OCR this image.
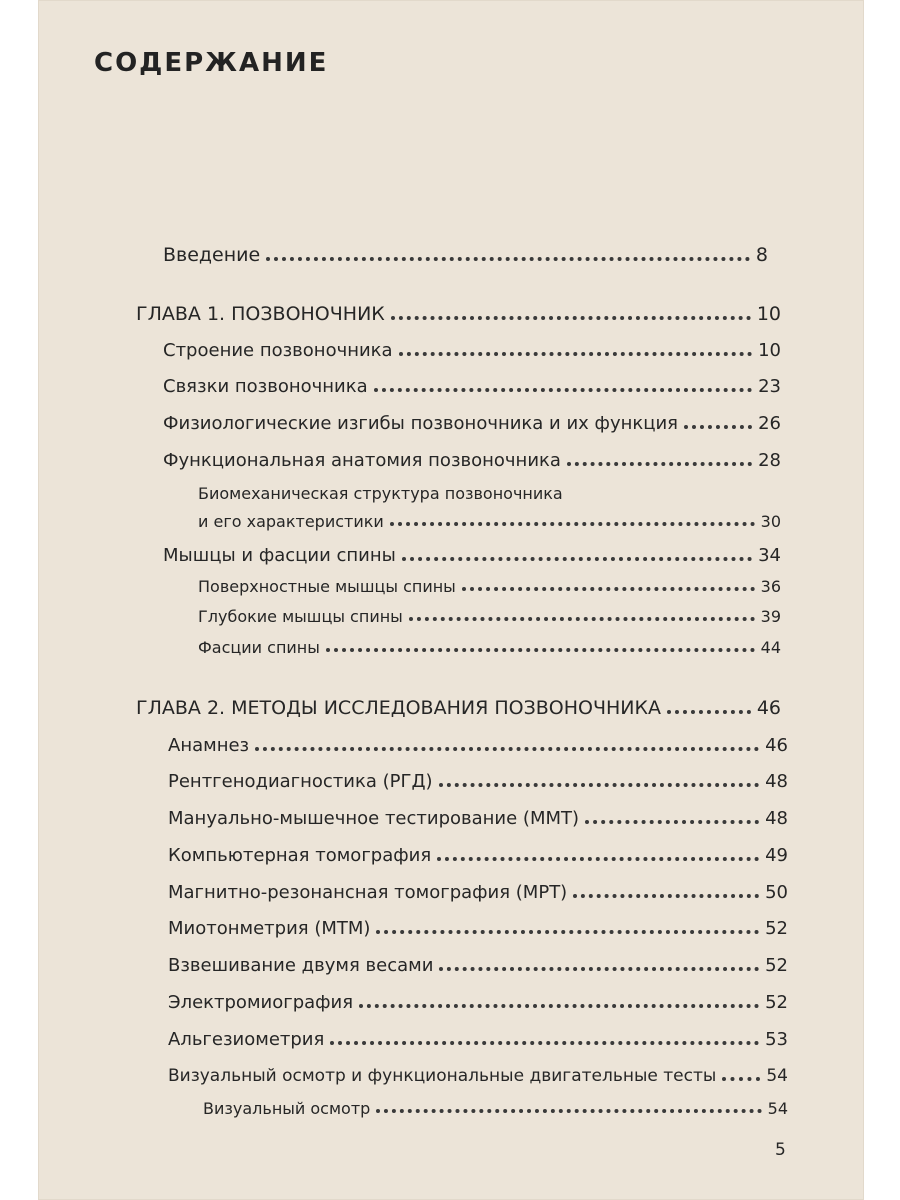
СОДЕРЖАНИЕ
Введение	8
ГЛАВА 1. ПОЗВОНОЧНИК	10
Строение позвоночника	10
Связки позвоночника	23
Физиологические изгибы позвоночника и их функция	26
Функциональная анатомия позвоночника	28
Биомеханическая структура позвоночника
и его характеристики	30
Мышцы и фасции спины	34
Поверхностные мышцы спины	36
Глубокие мышцы спины	39
Фасции спины	44
ГЛАВА 2. МЕТОДЫ ИССЛЕДОВАНИЯ ПОЗВОНОЧНИКА	46
Анамнез	46
Рентгенодиагностика (РГД)	48
Мануально-мышечное тестирование (ММТ)	48
Компьютерная томография	49
Магнитно-резонансная томография (МРТ)	50
Миотонметрия (МТМ)	52
Взвешивание двумя весами	52
Электромиография	52
Альгезиометрия	53
Визуальный осмотр и функциональные двигательные тесты	54
Визуальный осмотр	54
5
